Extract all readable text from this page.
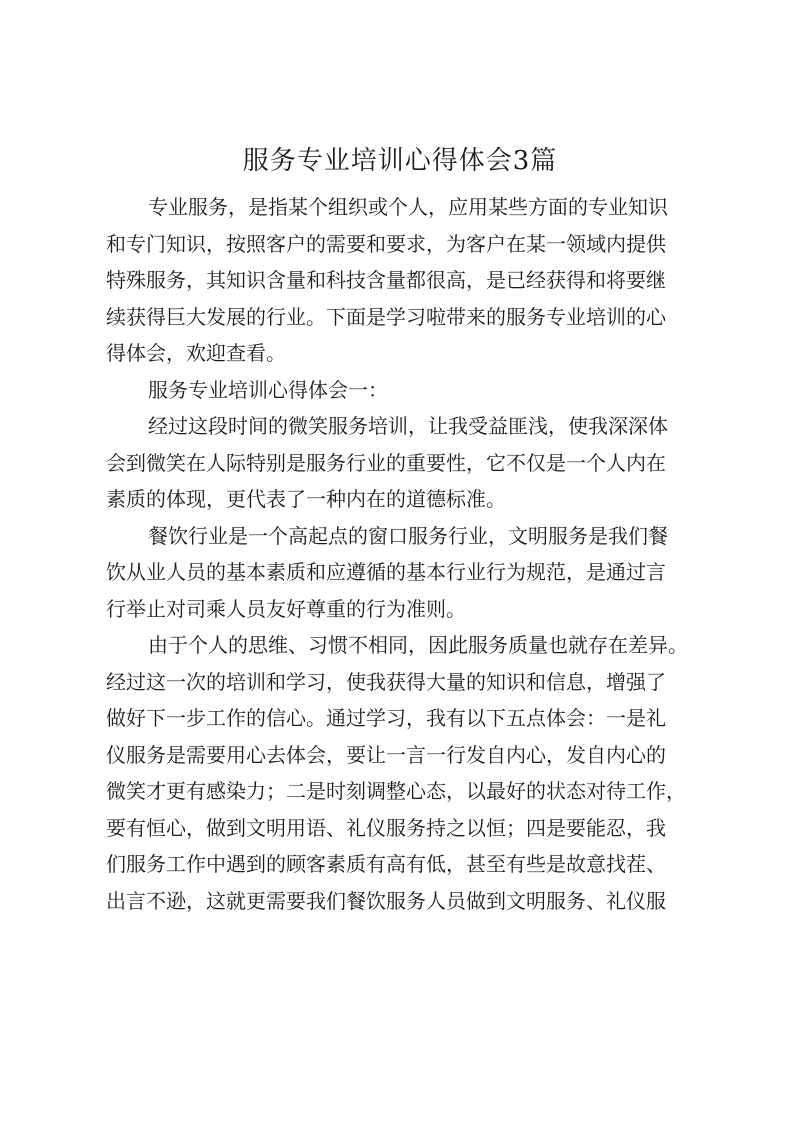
服务专业培训心得体会3篇

专业服务，是指某个组织或个人，应用某些方面的专业知识
和专门知识，按照客户的需要和要求，为客户在某一领域内提供
特殊服务，其知识含量和科技含量都很高，是已经获得和将要继
续获得巨大发展的行业。下面是学习啦带来的服务专业培训的心
得体会，欢迎查看。

服务专业培训心得体会一：

经过这段时间的微笑服务培训，让我受益匪浅，使我深深体
会到微笑在人际特别是服务行业的重要性，它不仅是一个人内在
素质的体现，更代表了一种内在的道德标准。

餐饮行业是一个高起点的窗口服务行业，文明服务是我们餐
饮从业人员的基本素质和应遵循的基本行业行为规范，是通过言
行举止对司乘人员友好尊重的行为准则。

由于个人的思维、习惯不相同，因此服务质量也就存在差异。
经过这一次的培训和学习，使我获得大量的知识和信息，增强了
做好下一步工作的信心。通过学习，我有以下五点体会：一是礼
仪服务是需要用心去体会，要让一言一行发自内心，发自内心的
微笑才更有感染力；二是时刻调整心态，以最好的状态对待工作，
要有恒心，做到文明用语、礼仪服务持之以恒；四是要能忍，我
们服务工作中遇到的顾客素质有高有低，甚至有些是故意找茬、
出言不逊，这就更需要我们餐饮服务人员做到文明服务、礼仪服
